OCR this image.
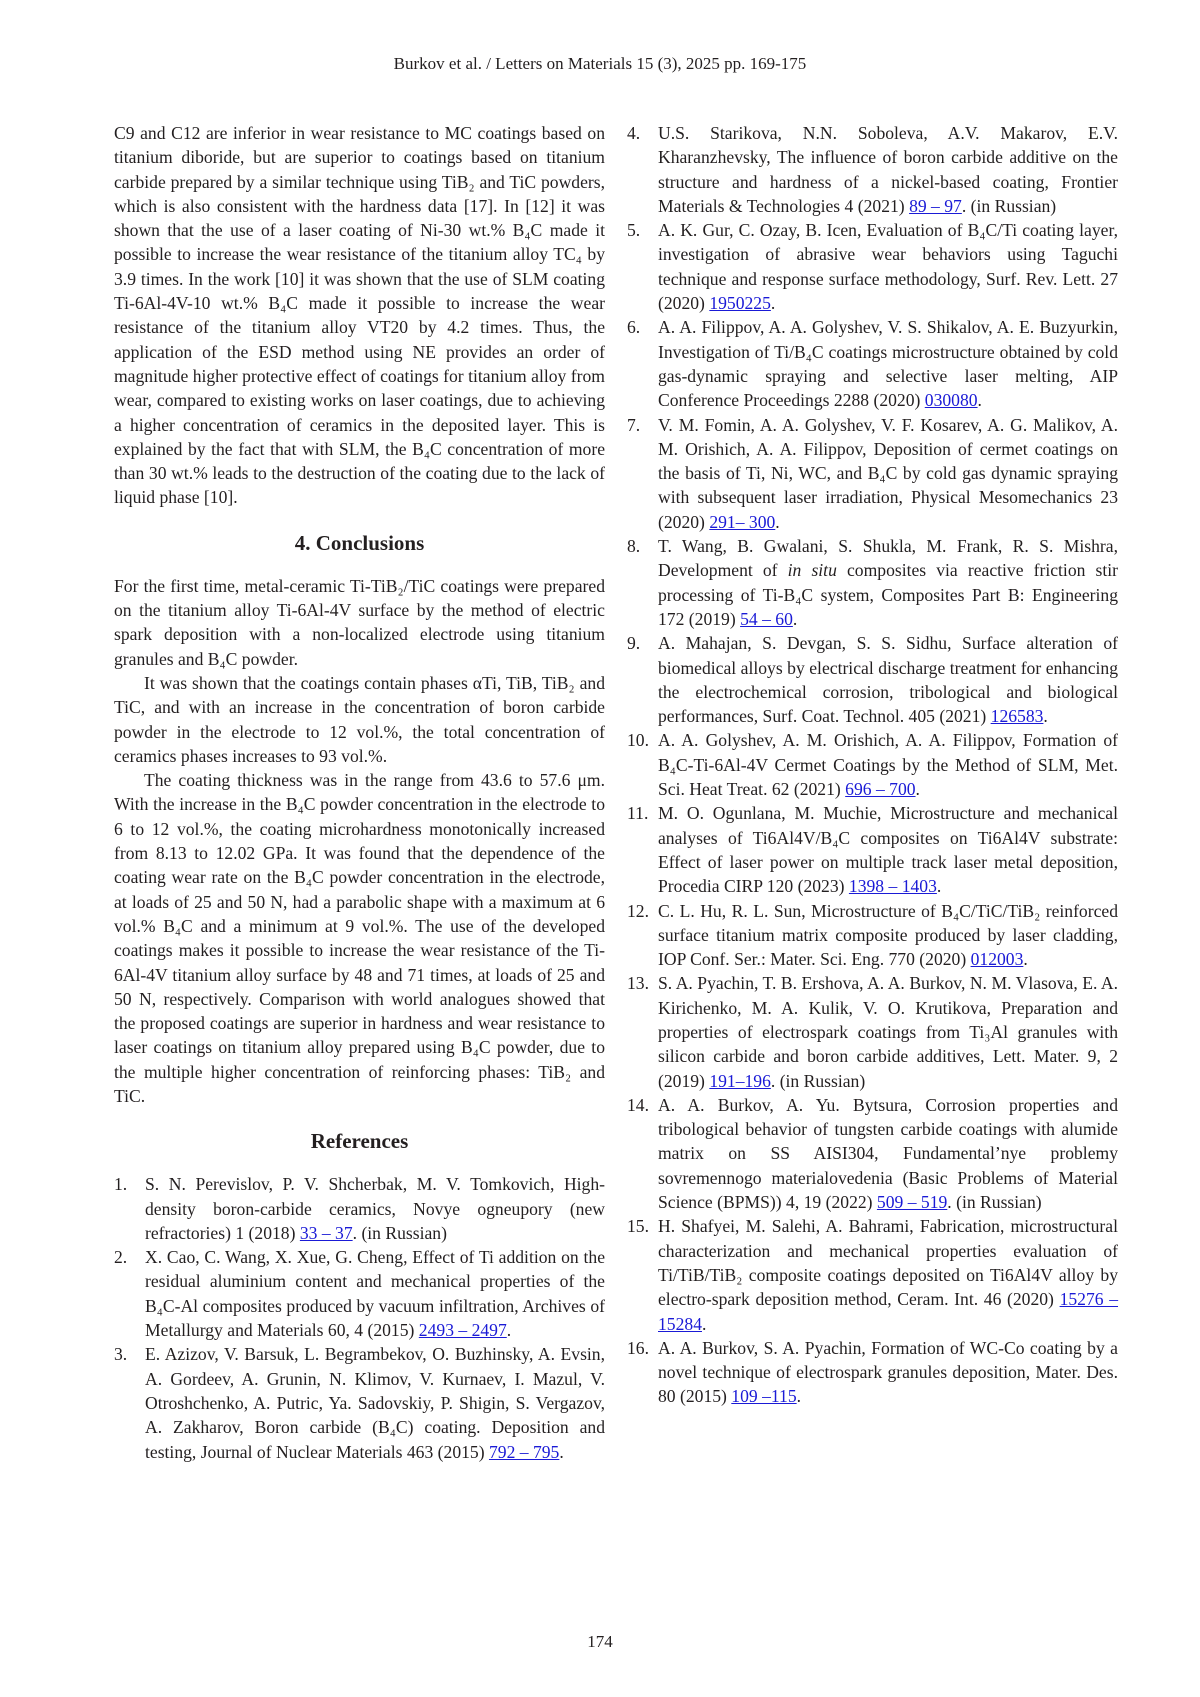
Burkov et al. / Letters on Materials 15 (3), 2025 pp. 169-175

C9 and C12 are inferior in wear resistance to MC coatings based on titanium diboride, but are superior to coatings based on titanium carbide prepared by a similar technique using TiB₂ and TiC powders, which is also consistent with the hardness data [17]. In [12] it was shown that the use of a laser coating of Ni-30 wt.% B₄C made it possible to increase the wear resistance of the titanium alloy TC₄ by 3.9 times. In the work [10] it was shown that the use of SLM coating Ti-6Al-4V-10 wt.% B₄C made it possible to increase the wear resistance of the titanium alloy VT20 by 4.2 times. Thus, the application of the ESD method using NE provides an order of magnitude higher protective effect of coatings for titanium alloy from wear, compared to existing works on laser coatings, due to achieving a higher concentration of ceramics in the deposited layer. This is explained by the fact that with SLM, the B₄C concentration of more than 30 wt.% leads to the destruction of the coating due to the lack of liquid phase [10].

4. Conclusions

For the first time, metal-ceramic Ti-TiB₂/TiC coatings were prepared on the titanium alloy Ti-6Al-4V surface by the method of electric spark deposition with a non-localized electrode using titanium granules and B₄C powder.

It was shown that the coatings contain phases αTi, TiB, TiB₂ and TiC, and with an increase in the concentration of boron carbide powder in the electrode to 12 vol.%, the total concentration of ceramics phases increases to 93 vol.%.

The coating thickness was in the range from 43.6 to 57.6 μm. With the increase in the B₄C powder concentration in the electrode to 6 to 12 vol.%, the coating microhardness monotonically increased from 8.13 to 12.02 GPa. It was found that the dependence of the coating wear rate on the B₄C powder concentration in the electrode, at loads of 25 and 50 N, had a parabolic shape with a maximum at 6 vol.% B₄C and a minimum at 9 vol.%. The use of the developed coatings makes it possible to increase the wear resistance of the Ti-6Al-4V titanium alloy surface by 48 and 71 times, at loads of 25 and 50 N, respectively. Comparison with world analogues showed that the proposed coatings are superior in hardness and wear resistance to laser coatings on titanium alloy prepared using B₄C powder, due to the multiple higher concentration of reinforcing phases: TiB₂ and TiC.

References
1.	S. N. Perevislov, P. V. Shcherbak, M. V. Tomkovich, High-density boron-carbide ceramics, Novye ogneupory (new refractories) 1 (2018) 33 – 37. (in Russian)
2.	X. Cao, C. Wang, X. Xue, G. Cheng, Effect of Ti addition on the residual aluminium content and mechanical properties of the B₄C-Al composites produced by vacuum infiltration, Archives of Metallurgy and Materials 60, 4 (2015) 2493 – 2497.
3.	E. Azizov, V. Barsuk, L. Begrambekov, O. Buzhinsky, A. Evsin, A. Gordeev, A. Grunin, N. Klimov, V. Kurnaev, I. Mazul, V. Otroshchenko, A. Putric, Ya. Sadovskiy, P. Shigin, S. Vergazov, A. Zakharov, Boron carbide (B₄C) coating. Deposition and testing, Journal of Nuclear Materials 463 (2015) 792 – 795.
4.	U.S. Starikova, N.N. Soboleva, A.V. Makarov, E.V. Kharanzhevsky, The influence of boron carbide additive on the structure and hardness of a nickel-based coating, Frontier Materials & Technologies 4 (2021) 89 – 97. (in Russian)
5.	A. K. Gur, C. Ozay, B. Icen, Evaluation of B₄C/Ti coating layer, investigation of abrasive wear behaviors using Taguchi technique and response surface methodology, Surf. Rev. Lett. 27 (2020) 1950225.
6.	A. A. Filippov, A. A. Golyshev, V. S. Shikalov, A. E. Buzyurkin, Investigation of Ti/B₄C coatings microstructure obtained by cold gas-dynamic spraying and selective laser melting, AIP Conference Proceedings 2288 (2020) 030080.
7.	V. M. Fomin, A. A. Golyshev, V. F. Kosarev, A. G. Malikov, A. M. Orishich, A. A. Filippov, Deposition of cermet coatings on the basis of Ti, Ni, WC, and B₄C by cold gas dynamic spraying with subsequent laser irradiation, Physical Mesomechanics 23 (2020) 291– 300.
8.	T. Wang, B. Gwalani, S. Shukla, M. Frank, R. S. Mishra, Development of in situ composites via reactive friction stir processing of Ti-B₄C system, Composites Part B: Engineering 172 (2019) 54 – 60.
9.	A. Mahajan, S. Devgan, S. S. Sidhu, Surface alteration of biomedical alloys by electrical discharge treatment for enhancing the electrochemical corrosion, tribological and biological performances, Surf. Coat. Technol. 405 (2021) 126583.
10. A. A. Golyshev, A. M. Orishich, A. A. Filippov, Formation of B₄C-Ti-6Al-4V Cermet Coatings by the Method of SLM, Met. Sci. Heat Treat. 62 (2021) 696 – 700.
11. M. O. Ogunlana, M. Muchie, Microstructure and mechanical analyses of Ti6Al4V/B₄C composites on Ti6Al4V substrate: Effect of laser power on multiple track laser metal deposition, Procedia CIRP 120 (2023) 1398 – 1403.
12. C. L. Hu, R. L. Sun, Microstructure of B₄C/TiC/TiB₂ reinforced surface titanium matrix composite produced by laser cladding, IOP Conf. Ser.: Mater. Sci. Eng. 770 (2020) 012003.
13. S. A. Pyachin, T. B. Ershova, A. A. Burkov, N. M. Vlasova, E. A. Kirichenko, M. A. Kulik, V. O. Krutikova, Preparation and properties of electrospark coatings from Ti₃Al granules with silicon carbide and boron carbide additives, Lett. Mater. 9, 2 (2019) 191–196. (in Russian)
14. A. A. Burkov, A. Yu. Bytsura, Corrosion properties and tribological behavior of tungsten carbide coatings with alumide matrix on SS AISI304, Fundamental’nye problemy sovremennogo materialovedenia (Basic Problems of Material Science (BPMS)) 4, 19 (2022) 509 – 519. (in Russian)
15. H. Shafyei, M. Salehi, A. Bahrami, Fabrication, microstructural characterization and mechanical properties evaluation of Ti/TiB/TiB₂ composite coatings deposited on Ti6Al4V alloy by electro-spark deposition method, Ceram. Int. 46 (2020) 15276 –15284.
16. A. A. Burkov, S. A. Pyachin, Formation of WC-Co coating by a novel technique of electrospark granules deposition, Mater. Des. 80 (2015) 109 –115.
174
